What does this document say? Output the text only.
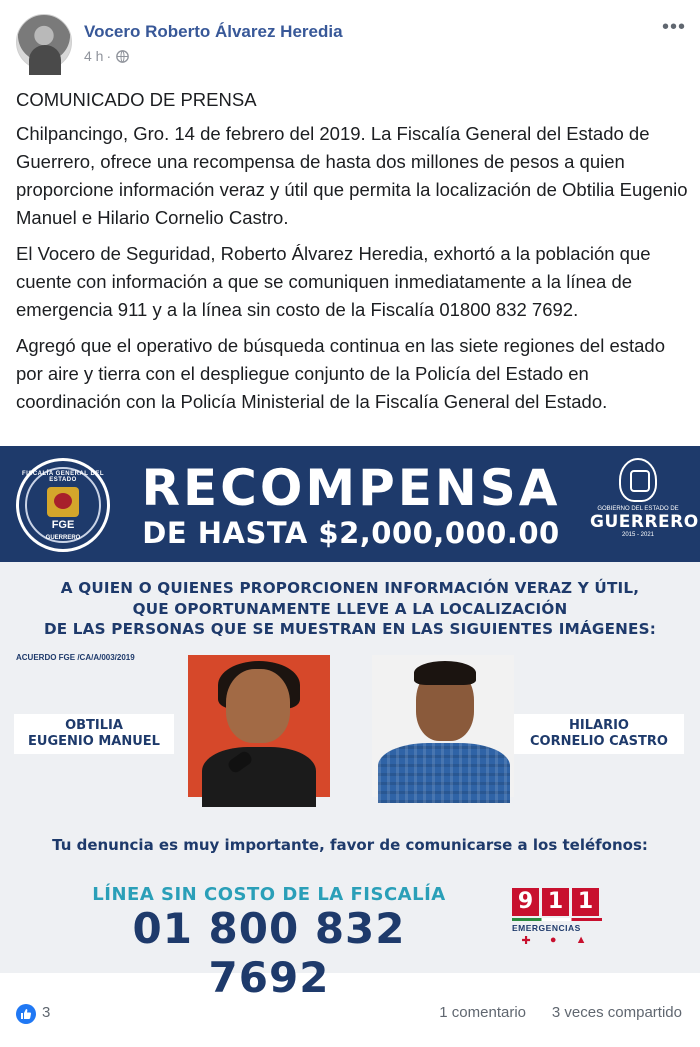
Vocero Roberto Álvarez Heredia
4 h ·
•••

COMUNICADO DE PRENSA

Chilpancingo, Gro. 14 de febrero del 2019. La Fiscalía General del Estado de Guerrero, ofrece una recompensa de hasta dos millones de pesos a quien proporcione información veraz y útil que permita la localización de Obtilia Eugenio Manuel e Hilario Cornelio Castro.

El Vocero de Seguridad, Roberto Álvarez Heredia, exhortó a la población que cuente con información a que se comuniquen inmediatamente a la línea de emergencia 911 y a la línea sin costo de la Fiscalía 01800 832 7692.

Agregó que el operativo de búsqueda continua en las siete regiones del estado por aire y tierra con el despliegue conjunto de la Policía del Estado en coordinación con la Policía Ministerial de la Fiscalía General del Estado.

FISCALÍA GENERAL DEL ESTADO
FGE
GUERRERO
RECOMPENSA
DE HASTA $2,000,000.00
GOBIERNO DEL ESTADO DE
GUERRERO
2015 - 2021
A QUIEN O QUIENES PROPORCIONEN INFORMACIÓN VERAZ Y ÚTIL,
QUE OPORTUNAMENTE LLEVE A LA LOCALIZACIÓN
DE LAS PERSONAS QUE SE MUESTRAN EN LAS SIGUIENTES IMÁGENES:
ACUERDO FGE /CA/A/003/2019
OBTILIA
EUGENIO MANUEL
HILARIO
CORNELIO CASTRO
Tu denuncia es muy importante, favor de comunicarse a los teléfonos:
LÍNEA SIN COSTO DE LA FISCALÍA
01 800 832 7692
9 1 1
EMERGENCIAS
✚ ● ▲
3	1 comentario 3 veces compartido
